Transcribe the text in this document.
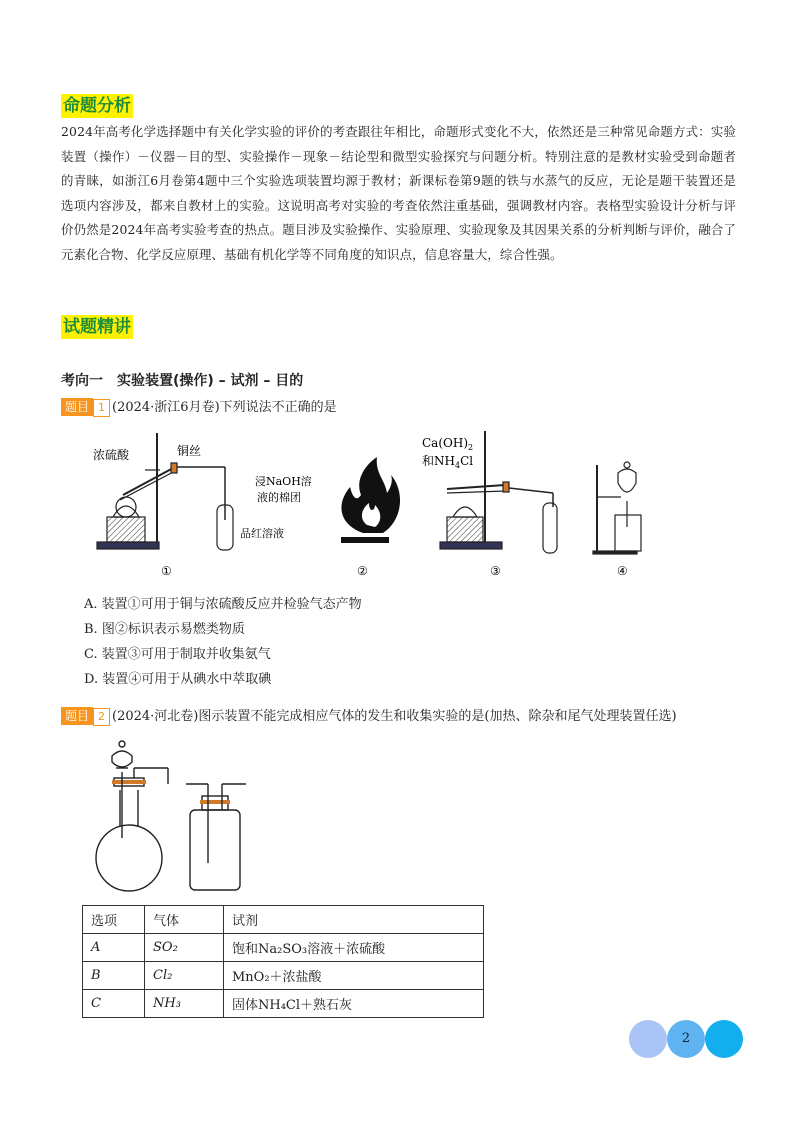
命题分析
2024年高考化学选择题中有关化学实验的评价的考查跟往年相比，命题形式变化不大，依然还是三种常见命题方式：实验装置（操作）－仪器－目的型、实验操作－现象－结论型和微型实验探究与问题分析。特别注意的是教材实验受到命题者的青睐，如浙江6月卷第4题中三个实验选项装置均源于教材；新课标卷第9题的铁与水蒸气的反应，无论是题干装置还是选项内容涉及，都来自教材上的实验。这说明高考对实验的考查依然注重基础，强调教材内容。表格型实验设计分析与评价仍然是2024年高考实验考查的热点。题目涉及实验操作、实验原理、实验现象及其因果关系的分析判断与评价，融合了元素化合物、化学反应原理、基础有机化学等不同角度的知识点，信息容量大，综合性强。
试题精讲
考向一　实验装置(操作) – 试剂 – 目的
题目 1 (2024·浙江6月卷)下列说法不正确的是
浓硫酸	铜丝
浸NaOH溶
液的棉团
品红溶液
①	②
$Ca(OH)_2$
和$NH_4Cl$
③	④
A. 装置①可用于铜与浓硫酸反应并检验气态产物
B. 图②标识表示易燃类物质
C. 装置③可用于制取并收集氨气
D. 装置④可用于从碘水中萃取碘
题目 2 (2024·河北卷)图示装置不能完成相应气体的发生和收集实验的是(加热、除杂和尾气处理装置任选)
选项	气体	试剂
A	SO₂	饱和Na₂SO₃溶液＋浓硫酸
B	Cl₂	MnO₂＋浓盐酸
C	NH₃	固体NH₄Cl＋熟石灰
2
